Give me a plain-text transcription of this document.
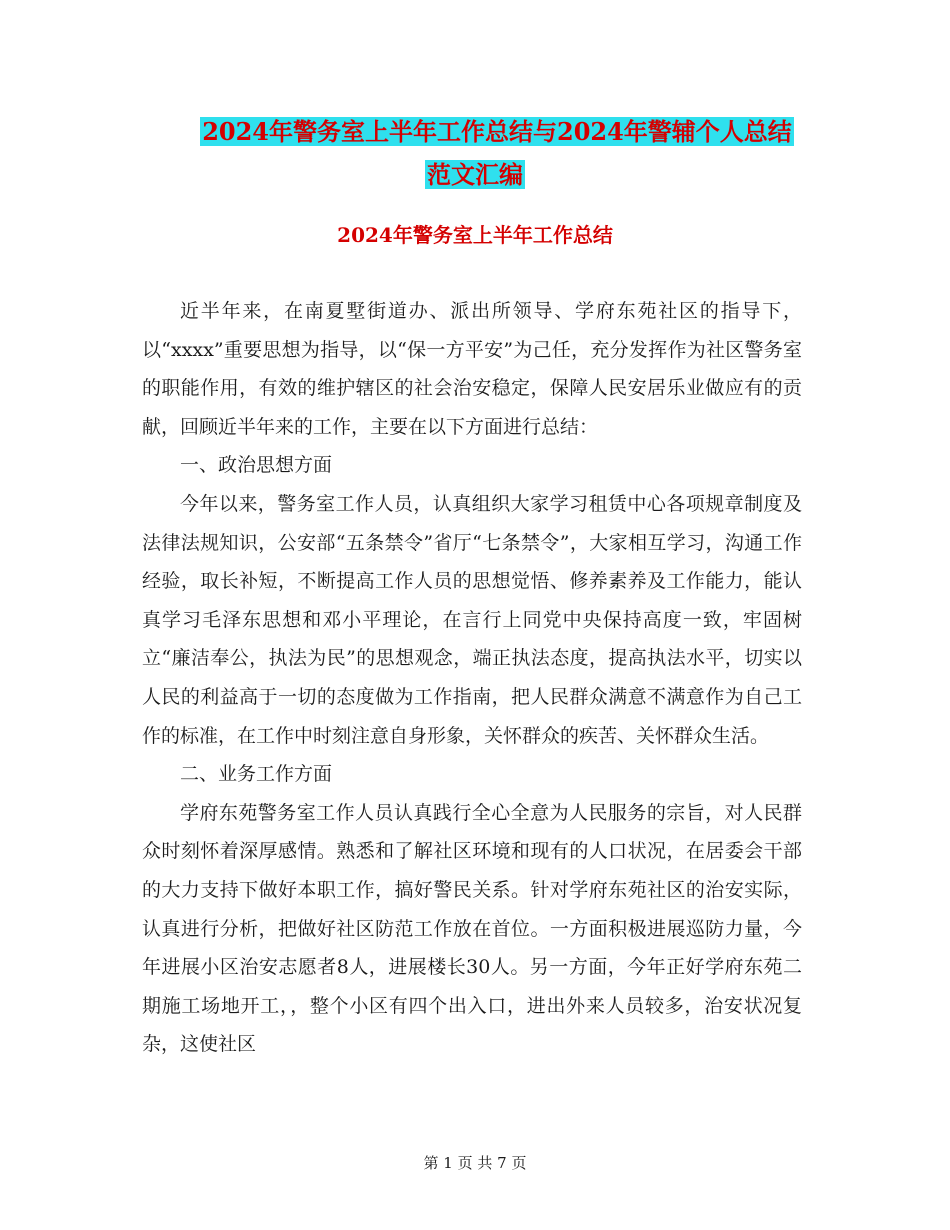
2024年警务室上半年工作总结与2024年警辅个人总结
范文汇编
2024年警务室上半年工作总结

近半年来，在南夏墅街道办、派出所领导、学府东苑社区的指导下，以“xxxx”重要思想为指导，以“保一方平安”为己任，充分发挥作为社区警务室的职能作用，有效的维护辖区的社会治安稳定，保障人民安居乐业做应有的贡献，回顾近半年来的工作，主要在以下方面进行总结：

一、政治思想方面

今年以来，警务室工作人员，认真组织大家学习租赁中心各项规章制度及法律法规知识，公安部“五条禁令”省厅“七条禁令”，大家相互学习，沟通工作经验，取长补短，不断提高工作人员的思想觉悟、修养素养及工作能力，能认真学习毛泽东思想和邓小平理论，在言行上同党中央保持高度一致，牢固树立“廉洁奉公，执法为民”的思想观念，端正执法态度，提高执法水平，切实以人民的利益高于一切的态度做为工作指南，把人民群众满意不满意作为自己工作的标准，在工作中时刻注意自身形象，关怀群众的疾苦、关怀群众生活。

二、业务工作方面

学府东苑警务室工作人员认真践行全心全意为人民服务的宗旨，对人民群众时刻怀着深厚感情。熟悉和了解社区环境和现有的人口状况，在居委会干部的大力支持下做好本职工作，搞好警民关系。针对学府东苑社区的治安实际，认真进行分析，把做好社区防范工作放在首位。一方面积极进展巡防力量，今年进展小区治安志愿者8人，进展楼长30人。另一方面，今年正好学府东苑二期施工场地开工，，整个小区有四个出入口，进出外来人员较多，治安状况复杂，这使社区

第 1 页 共 7 页
